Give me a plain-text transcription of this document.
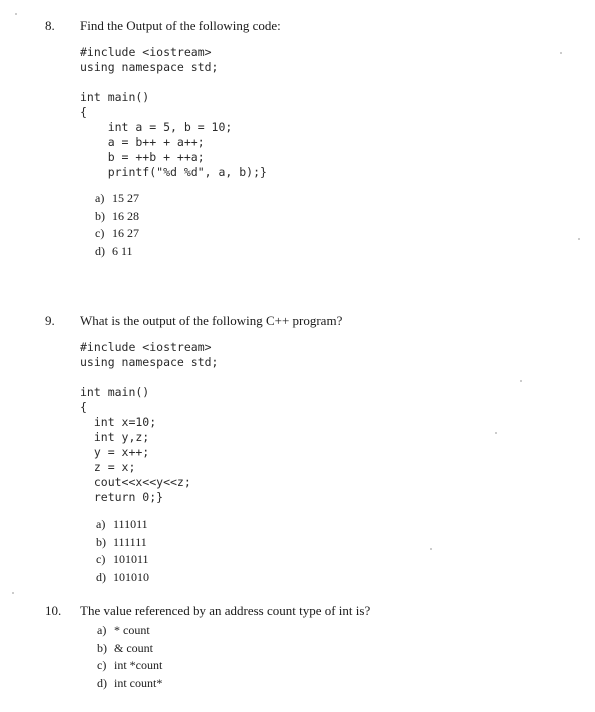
8. Find the Output of the following code:
#include <iostream>
using namespace std;

int main()
{
int a = 5, b = 10;
a = b++ + a++;
b = ++b + ++a;
printf("%d %d", a, b);}
a) 15 27
b) 16 28
c) 16 27
d) 6 11
9. What is the output of the following C++ program?
#include <iostream>
using namespace std;

int main()
{
int x=10;
int y,z;
y = x++;
z = x;
cout<<x<<y<<z;
return 0;}
a) 111011
b) 111111
c) 101011
d) 101010
10. The value referenced by an address count type of int is?
a) * count
b) & count
c) int *count
d) int count*
